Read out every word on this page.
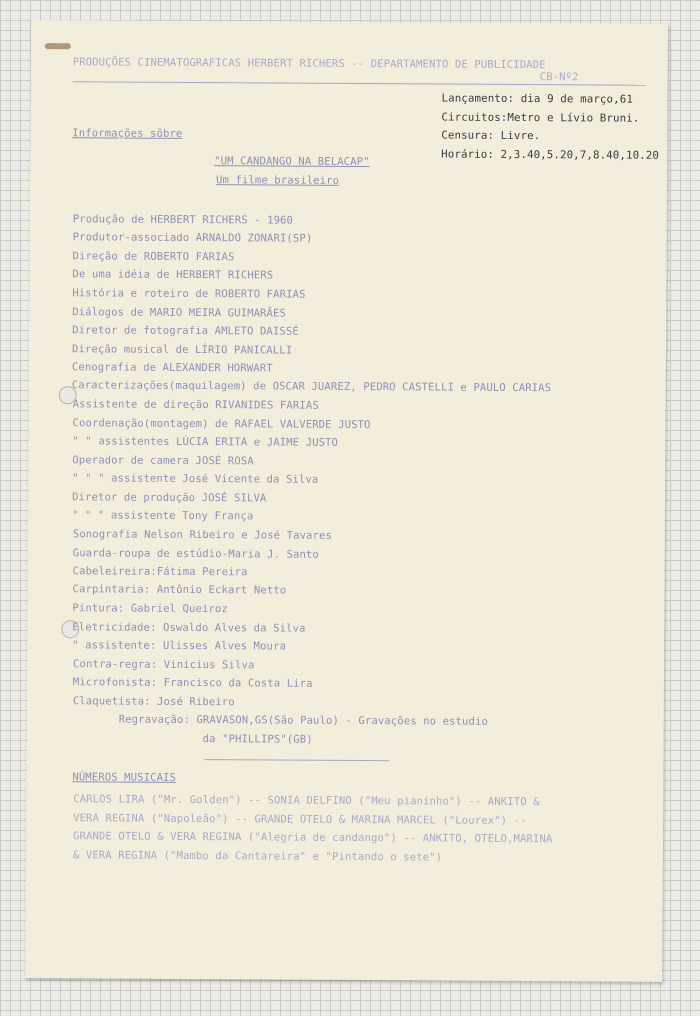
PRODUÇÕES CINEMATOGRAFICAS HERBERT RICHERS -- DEPARTAMENTO DE PUBLICIDADE
CB-Nº2
Lançamento: dia 9 de março,61
Circuitos:Metro e Lívio Bruni.
Censura: Livre.
Horário: 2,3.40,5.20,7,8.40,10.20
Informações sôbre
"UM CANDANGO NA BELACAP"
Um filme brasileiro
Produção de HERBERT RICHERS - 1960
Produtor-associado ARNALDO ZONARI(SP)
Direção de ROBERTO FARIAS
De uma idéia de HERBERT RICHERS
História e roteiro de ROBERTO FARIAS
Diálogos de MARIO MEIRA GUIMARÃES
Diretor de fotografia AMLETO DAISSÉ
Direção musical de LÍRIO PANICALLI
Cenografia de ALEXANDER HORWART
Caracterizações(maquilagem) de OSCAR JUAREZ, PEDRO CASTELLI e PAULO CARIAS
Assistente de direção RIVANIDES FARIAS
Coordenação(montagem) de RAFAEL VALVERDE JUSTO
" " assistentes LÚCIA ERITA e JAIME JUSTO
Operador de camera JOSÉ ROSA
" " " assistente José Vicente da Silva
Diretor de produção JOSÉ SILVA
" " " assistente Tony França
Sonografia Nelson Ribeiro e José Tavares
Guarda-roupa de estúdio-Maria J. Santo
Cabeleireira:Fátima Pereira
Carpintaria: Antônio Eckart Netto
Pintura: Gabriel Queiroz
Eletricidade: Oswaldo Alves da Silva
" assistente: Ulisses Alves Moura
Contra-regra: Vinicius Silva
Microfonista: Francisco da Costa Lira
Claquetista: José Ribeiro
Regravação: GRAVASON,GS(São Paulo) - Gravações no estudio
da "PHILLIPS"(GB)
NÚMEROS MUSICAIS
CARLOS LIRA ("Mr. Golden") -- SONIA DELFINO ("Meu pianinho") -- ANKITO &
VERA REGINA ("Napoleão") -- GRANDE OTELO & MARINA MARCEL ("Lourex") --
GRANDE OTELO & VERA REGINA ("Alegria de candango") -- ANKITO, OTELO,MARINA
& VERA REGINA ("Mambo da Cantareira" e "Pintando o sete")
